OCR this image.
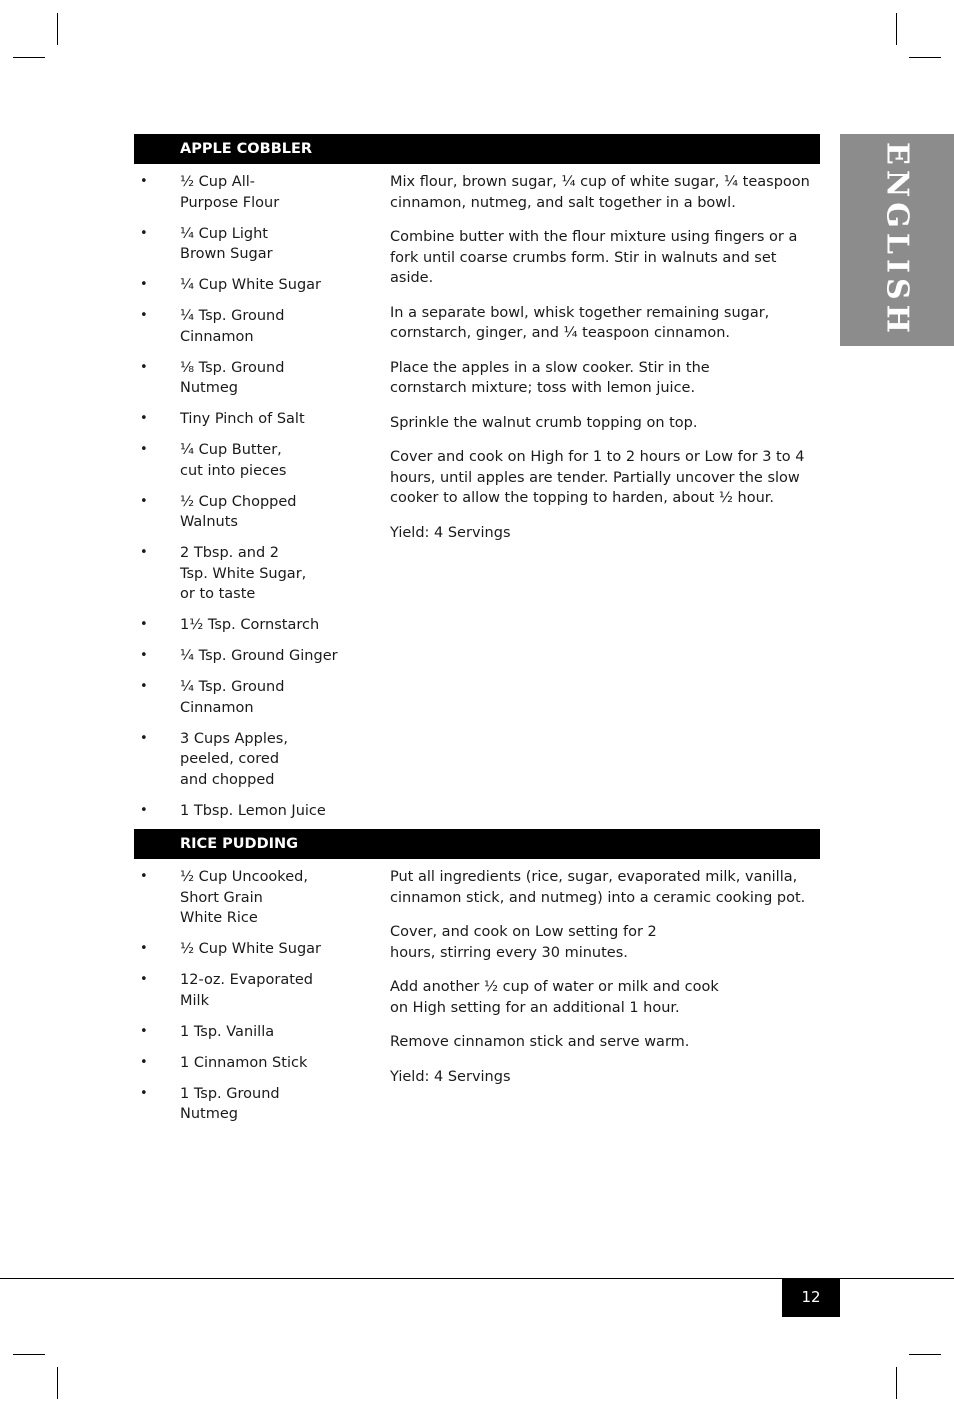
ENGLISH
APPLE COBBLER
• ½ Cup All-
Purpose Flour
• ¼ Cup Light
Brown Sugar
• ¼ Cup White Sugar
• ¼ Tsp. Ground
Cinnamon
• ⅛ Tsp. Ground
Nutmeg
• Tiny Pinch of Salt
• ¼ Cup Butter,
cut into pieces
• ½ Cup Chopped
Walnuts
• 2 Tbsp. and 2
Tsp. White Sugar,
or to taste
• 1½ Tsp. Cornstarch
• ¼ Tsp. Ground Ginger
• ¼ Tsp. Ground
Cinnamon
• 3 Cups Apples,
peeled, cored
and chopped
• 1 Tbsp. Lemon Juice

Mix flour, brown sugar, ¼ cup of white sugar, ¼ teaspoon
cinnamon, nutmeg, and salt together in a bowl.

Combine butter with the flour mixture using fingers or a
fork until coarse crumbs form. Stir in walnuts and set aside.

In a separate bowl, whisk together remaining sugar,
cornstarch, ginger, and ¼ teaspoon cinnamon.

Place the apples in a slow cooker. Stir in the
cornstarch mixture; toss with lemon juice.

Sprinkle the walnut crumb topping on top.

Cover and cook on High for 1 to 2 hours or Low for 3 to 4
hours, until apples are tender. Partially uncover the slow
cooker to allow the topping to harden, about ½ hour.

Yield: 4 Servings

RICE PUDDING
• ½ Cup Uncooked,
Short Grain
White Rice
• ½ Cup White Sugar
• 12-oz. Evaporated
Milk
• 1 Tsp. Vanilla
• 1 Cinnamon Stick
• 1 Tsp. Ground
Nutmeg

Put all ingredients (rice, sugar, evaporated milk, vanilla,
cinnamon stick, and nutmeg) into a ceramic cooking pot.

Cover, and cook on Low setting for 2
hours, stirring every 30 minutes.

Add another ½ cup of water or milk and cook
on High setting for an additional 1 hour.

Remove cinnamon stick and serve warm.

Yield: 4 Servings

12
